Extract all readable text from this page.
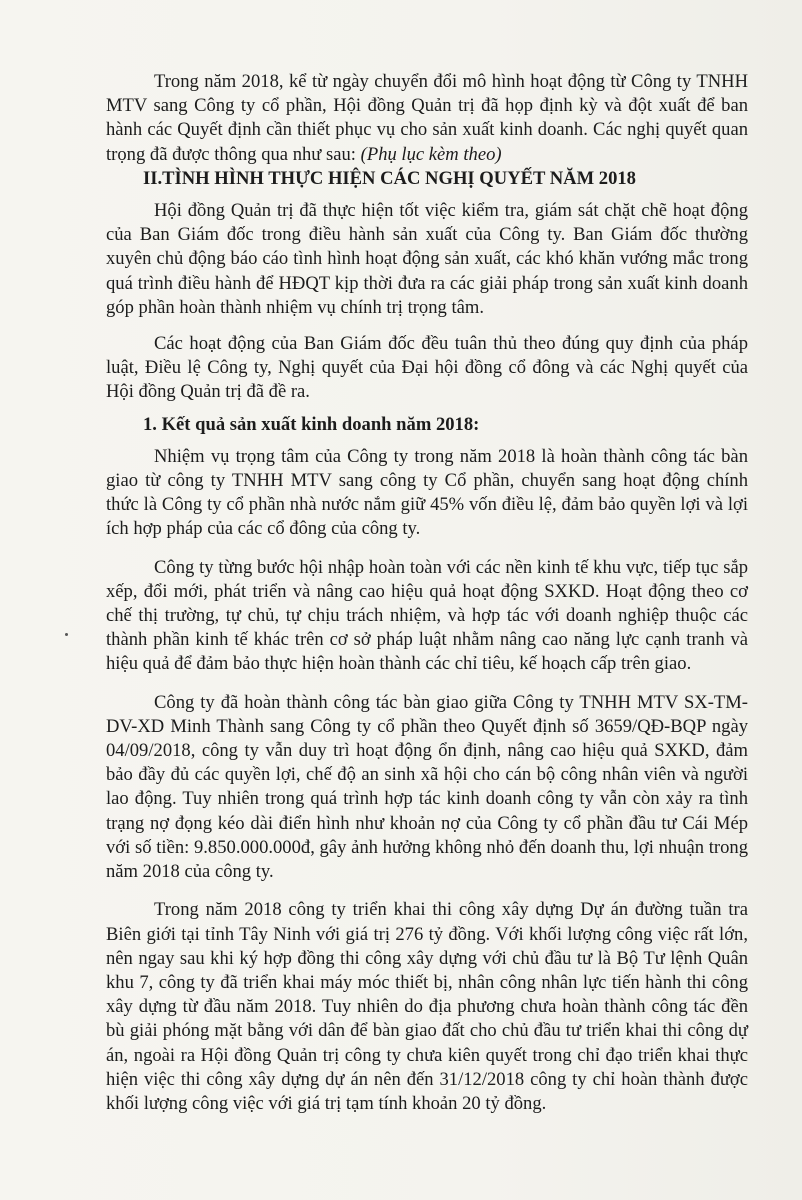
Trong năm 2018, kể từ ngày chuyển đổi mô hình hoạt động từ Công ty TNHH MTV sang Công ty cổ phần, Hội đồng Quản trị đã họp định kỳ và đột xuất để ban hành các Quyết định cần thiết phục vụ cho sản xuất kinh doanh. Các nghị quyết quan trọng đã được thông qua như sau: (Phụ lục kèm theo)

II.TÌNH HÌNH THỰC HIỆN CÁC NGHỊ QUYẾT NĂM 2018

Hội đồng Quản trị đã thực hiện tốt việc kiểm tra, giám sát chặt chẽ hoạt động của Ban Giám đốc trong điều hành sản xuất của Công ty. Ban Giám đốc thường xuyên chủ động báo cáo tình hình hoạt động sản xuất, các khó khăn vướng mắc trong quá trình điều hành để HĐQT kịp thời đưa ra các giải pháp trong sản xuất kinh doanh góp phần hoàn thành nhiệm vụ chính trị trọng tâm.

Các hoạt động của Ban Giám đốc đều tuân thủ theo đúng quy định của pháp luật, Điều lệ Công ty, Nghị quyết của Đại hội đồng cổ đông và các Nghị quyết của Hội đồng Quản trị đã đề ra.

1. Kết quả sản xuất kinh doanh năm 2018:

Nhiệm vụ trọng tâm của Công ty trong năm 2018 là hoàn thành công tác bàn giao từ công ty TNHH MTV sang công ty Cổ phần, chuyển sang hoạt động chính thức là Công ty cổ phần nhà nước nắm giữ 45% vốn điều lệ, đảm bảo quyền lợi và lợi ích hợp pháp của các cổ đông của công ty.

Công ty từng bước hội nhập hoàn toàn với các nền kinh tế khu vực, tiếp tục sắp xếp, đổi mới, phát triển và nâng cao hiệu quả hoạt động SXKD. Hoạt động theo cơ chế thị trường, tự chủ, tự chịu trách nhiệm, và hợp tác với doanh nghiệp thuộc các thành phần kinh tế khác trên cơ sở pháp luật nhằm nâng cao năng lực cạnh tranh và hiệu quả để đảm bảo thực hiện hoàn thành các chỉ tiêu, kế hoạch cấp trên giao.

Công ty đã hoàn thành công tác bàn giao giữa Công ty TNHH MTV SX-TM-DV-XD Minh Thành sang Công ty cổ phần theo Quyết định số 3659/QĐ-BQP ngày 04/09/2018, công ty vẫn duy trì hoạt động ổn định, nâng cao hiệu quả SXKD, đảm bảo đầy đủ các quyền lợi, chế độ an sinh xã hội cho cán bộ công nhân viên và người lao động. Tuy nhiên trong quá trình hợp tác kinh doanh công ty vẫn còn xảy ra tình trạng nợ đọng kéo dài điển hình như khoản nợ của Công ty cổ phần đầu tư Cái Mép với số tiền: 9.850.000.000đ, gây ảnh hưởng không nhỏ đến doanh thu, lợi nhuận trong năm 2018 của công ty.

Trong năm 2018 công ty triển khai thi công xây dựng Dự án đường tuần tra Biên giới tại tỉnh Tây Ninh với giá trị 276 tỷ đồng. Với khối lượng công việc rất lớn, nên ngay sau khi ký hợp đồng thi công xây dựng với chủ đầu tư là Bộ Tư lệnh Quân khu 7, công ty đã triển khai máy móc thiết bị, nhân công nhân lực tiến hành thi công xây dựng từ đầu năm 2018. Tuy nhiên do địa phương chưa hoàn thành công tác đền bù giải phóng mặt bằng với dân để bàn giao đất cho chủ đầu tư triển khai thi công dự án, ngoài ra Hội đồng Quản trị công ty chưa kiên quyết trong chỉ đạo triển khai thực hiện việc thi công xây dựng dự án nên đến 31/12/2018 công ty chỉ hoàn thành được khối lượng công việc với giá trị tạm tính khoản 20 tỷ đồng.
